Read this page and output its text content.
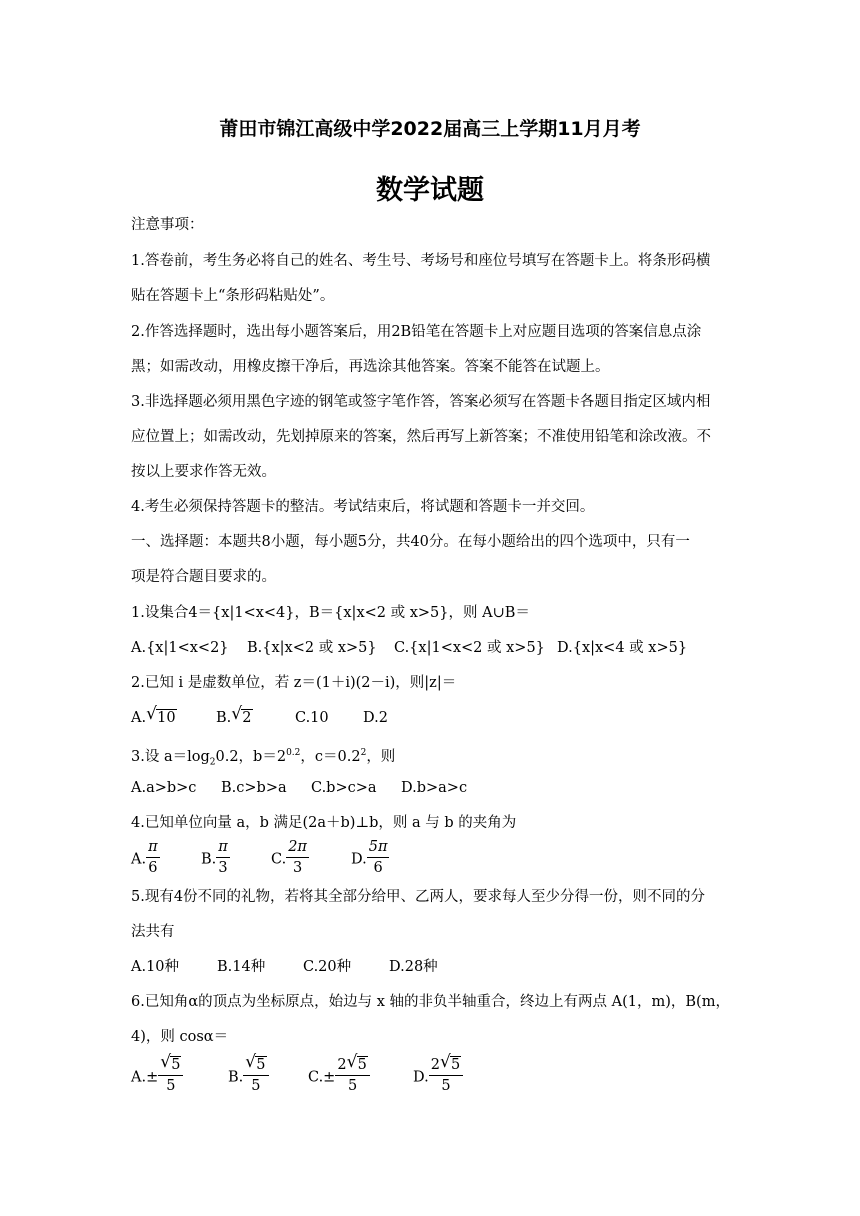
莆田市锦江高级中学2022届高三上学期11月月考
数学试题
注意事项：
1.答卷前，考生务必将自己的姓名、考生号、考场号和座位号填写在答题卡上。将条形码横
贴在答题卡上“条形码粘贴处”。
2.作答选择题时，选出每小题答案后，用2B铅笔在答题卡上对应题目选项的答案信息点涂
黑；如需改动，用橡皮擦干净后，再选涂其他答案。答案不能答在试题上。
3.非选择题必须用黑色字迹的钢笔或签字笔作答，答案必须写在答题卡各题目指定区域内相
应位置上；如需改动，先划掉原来的答案，然后再写上新答案；不准使用铅笔和涂改液。不
按以上要求作答无效。
4.考生必须保持答题卡的整洁。考试结束后，将试题和答题卡一并交回。
一、选择题：本题共8小题，每小题5分，共40分。在每小题给出的四个选项中，只有一
项是符合题目要求的。
1.设集合4＝{x|1<x<4}，B＝{x|x<2 或 x>5}，则 A∪B＝
A.{x|1<x<2} B.{x|x<2 或 x>5} C.{x|1<x<2 或 x>5} D.{x|x<4 或 x>5}
2.已知 i 是虚数单位，若 z＝(1＋i)(2－i)，则|z|＝
A. √ 10	B. √ 2	C.10 D.2
3.设 $a=\log_20.2$，$b=2^{0.2}$，$c=0.2^2$，则
A.a>b>c B.c>b>a C.b>c>a D.b>a>c
4.已知单位向量 a，b 满足(2a＋b)⊥b，则 a 与 b 的夹角为
A. $\frac{\pi}{6}$	B. $\frac{\pi}{3}$	C. $\frac{2\pi}{3}$	D. $\frac{5\pi}{6}$
5.现有4份不同的礼物，若将其全部分给甲、乙两人，要求每人至少分得一份，则不同的分
法共有
A.10种	B.14种	C.20种	D.28种
6.已知角α的顶点为坐标原点，始边与 x 轴的非负半轴重合，终边上有两点 A(1，m)，B(m，
4)，则 cosα＝
$A.\pm \frac{√ 5}{5}$	B. $\frac{√ 5}{5}$	$C.\pm \frac{2 √ 5}{5}$	D. $\frac{2 √ 5}{5}$
